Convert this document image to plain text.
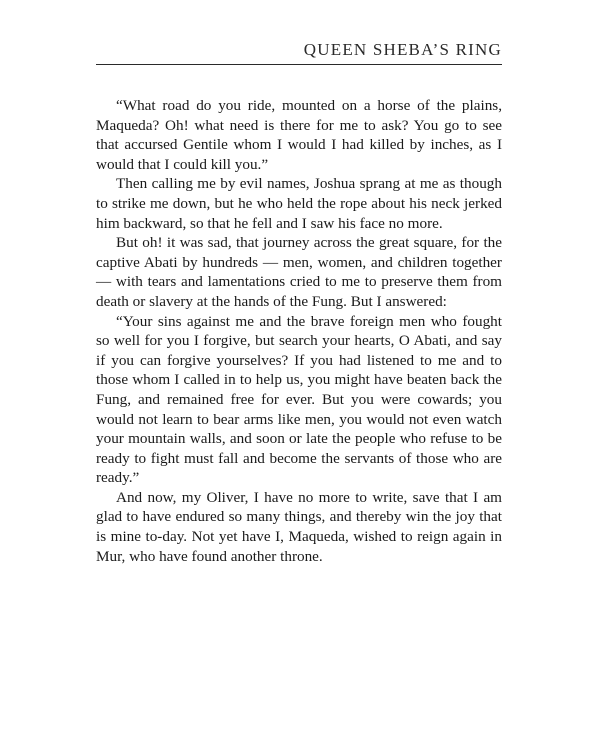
QUEEN SHEBA’S RING

“What road do you ride, mounted on a horse of the plains, Maqueda? Oh! what need is there for me to ask? You go to see that accursed Gentile whom I would I had killed by inches, as I would that I could kill you.”

Then calling me by evil names, Joshua sprang at me as though to strike me down, but he who held the rope about his neck jerked him backward, so that he fell and I saw his face no more.

But oh! it was sad, that journey across the great square, for the captive Abati by hundreds — men, women, and children together — with tears and lamentations cried to me to preserve them from death or slavery at the hands of the Fung. But I answered:

“Your sins against me and the brave foreign men who fought so well for you I forgive, but search your hearts, O Abati, and say if you can forgive yourselves? If you had listened to me and to those whom I called in to help us, you might have beaten back the Fung, and remained free for ever. But you were cowards; you would not learn to bear arms like men, you would not even watch your mountain walls, and soon or late the people who refuse to be ready to fight must fall and become the servants of those who are ready.”

And now, my Oliver, I have no more to write, save that I am glad to have endured so many things, and thereby win the joy that is mine to-day. Not yet have I, Maqueda, wished to reign again in Mur, who have found another throne.
